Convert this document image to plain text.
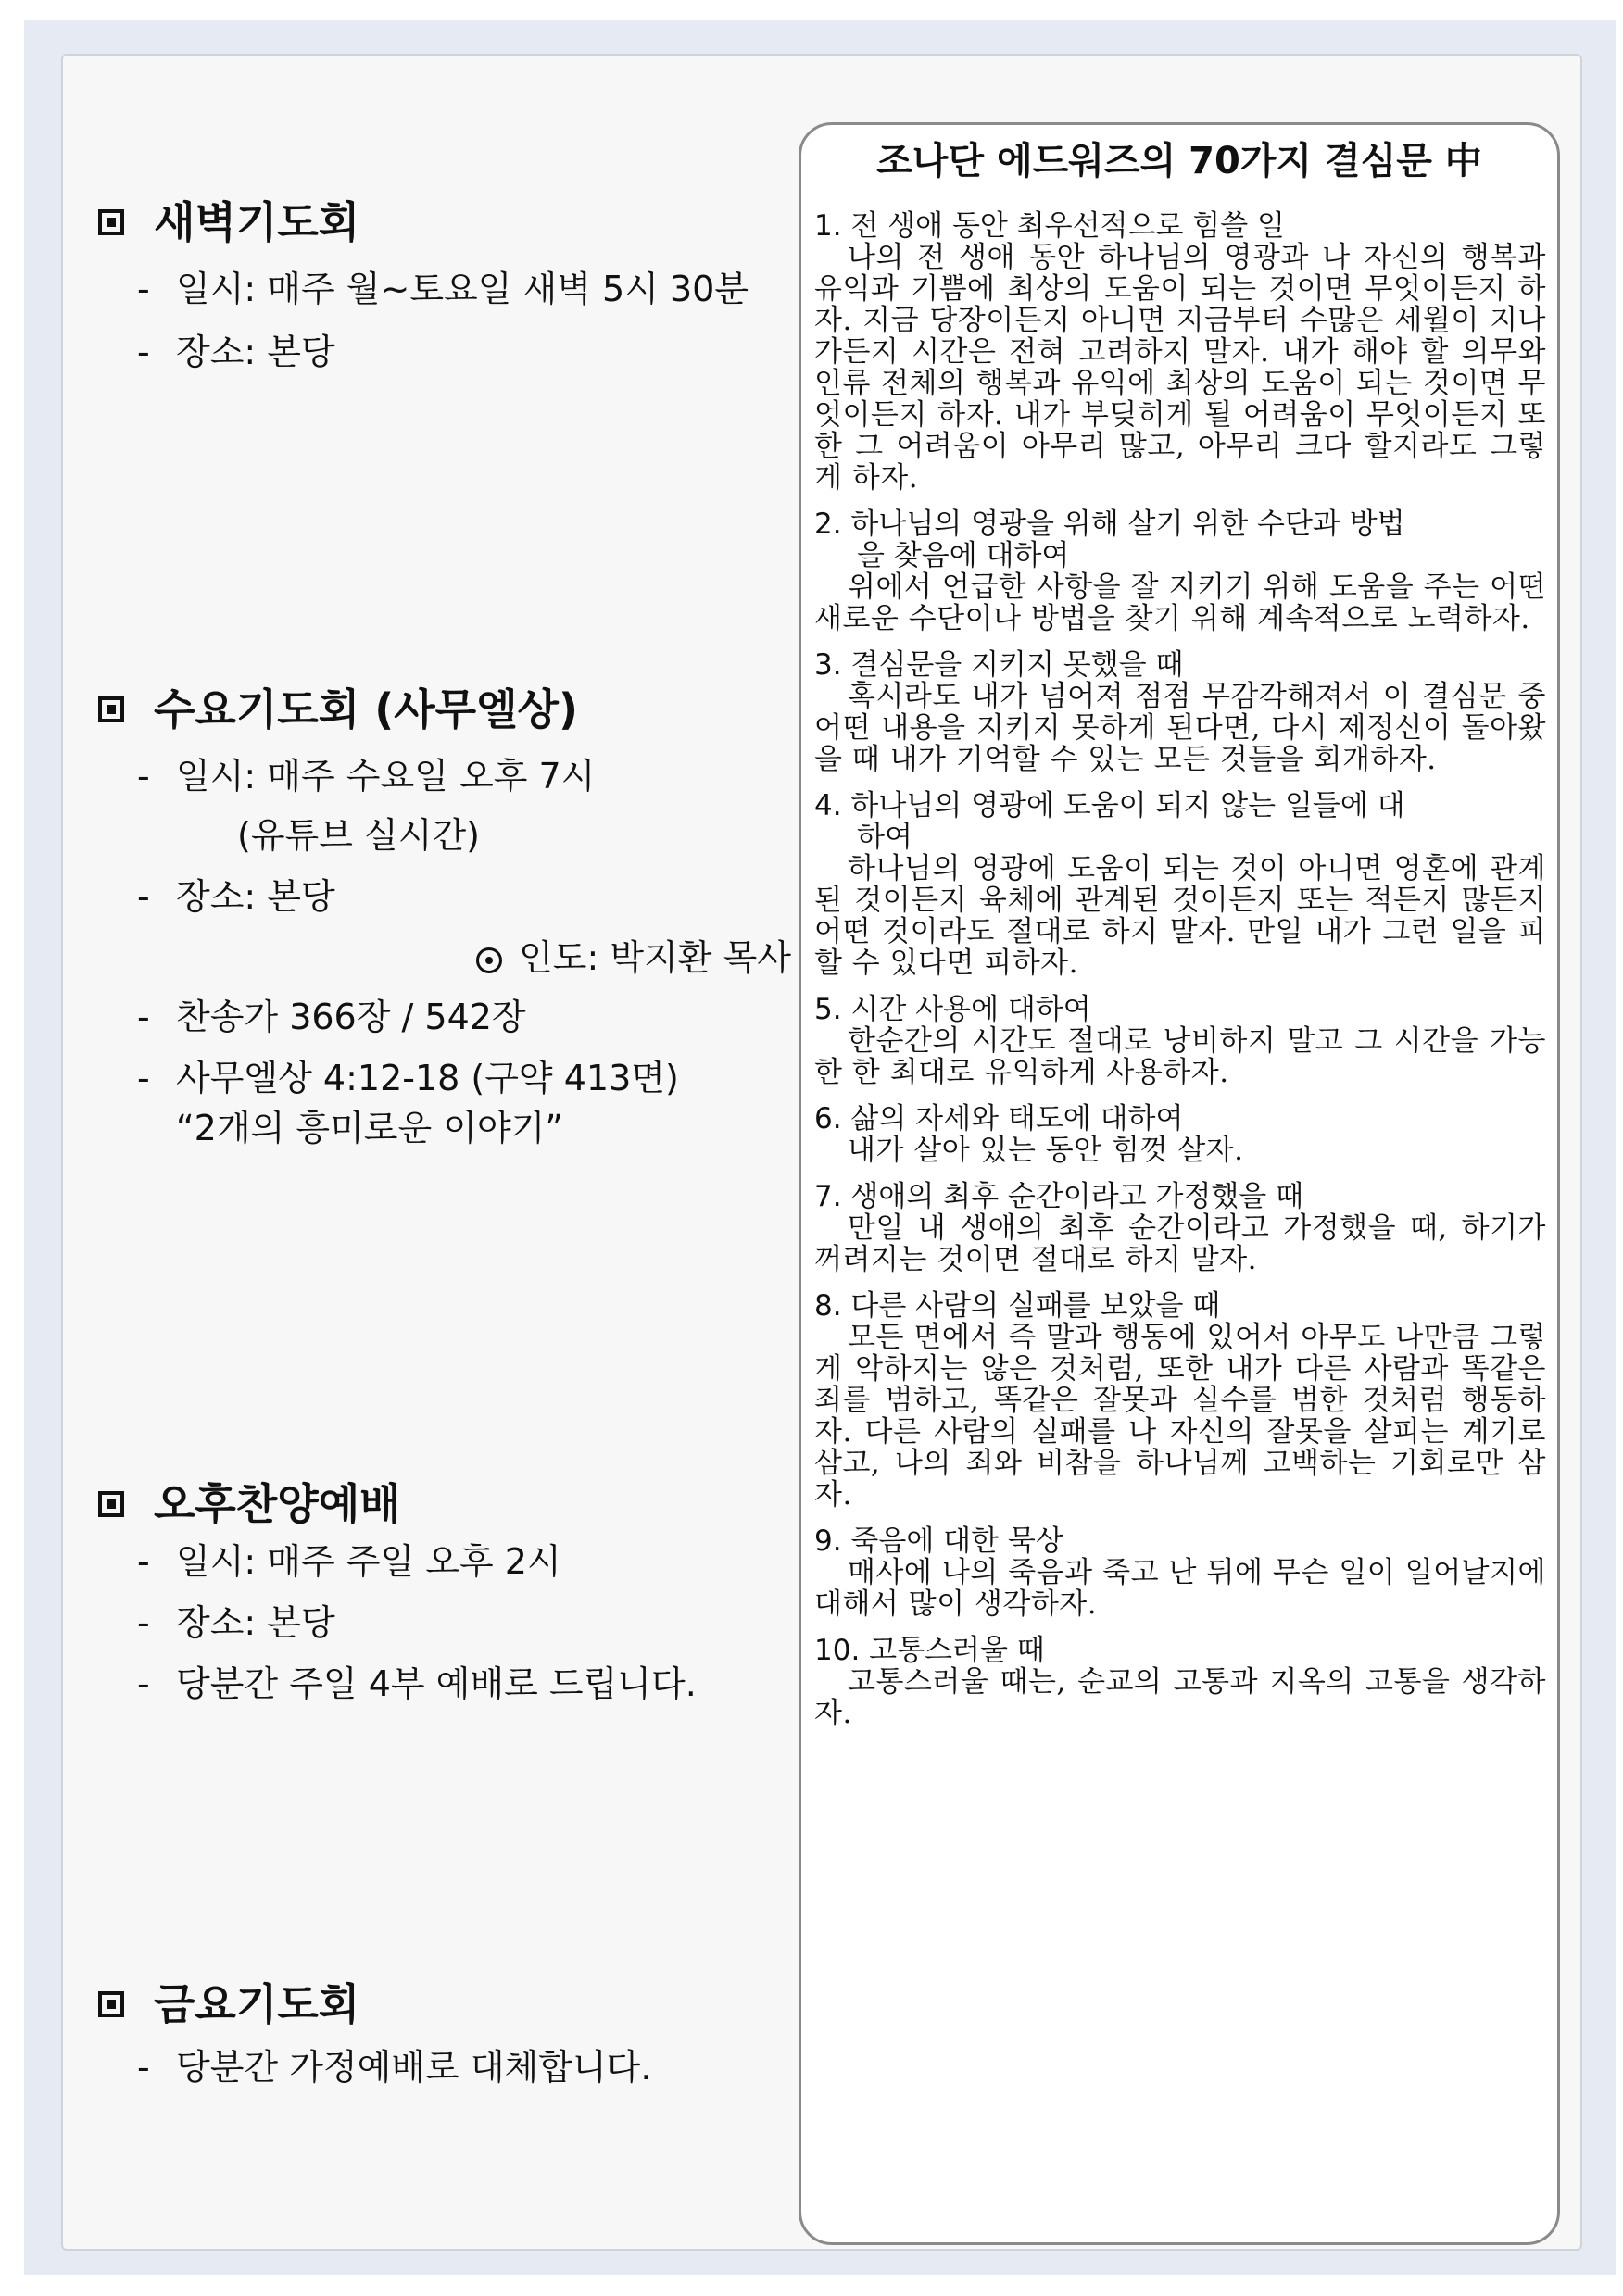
새벽기도회
- 일시: 매주 월~토요일 새벽 5시 30분
- 장소: 본당
수요기도회 (사무엘상)
- 일시: 매주 수요일 오후 7시
(유튜브 실시간)
- 장소: 본당
인도: 박지환 목사
- 찬송가 366장 / 542장
- 사무엘상 4:12-18 (구약 413면)
“2개의 흥미로운 이야기”
오후찬양예배
- 일시: 매주 주일 오후 2시
- 장소: 본당
- 당분간 주일 4부 예배로 드립니다.
금요기도회
- 당분간 가정예배로 대체합니다.
조나단 에드워즈의 70가지 결심문 中
1. 전 생애 동안 최우선적으로 힘쓸 일
나의 전 생애 동안 하나님의 영광과 나 자신의 행복과 유익과 기쁨에 최상의 도움이 되는 것이면 무엇이든지 하자. 지금 당장이든지 아니면 지금부터 수많은 세월이 지나가든지 시간은 전혀 고려하지 말자. 내가 해야 할 의무와 인류 전체의 행복과 유익에 최상의 도움이 되는 것이면 무엇이든지 하자. 내가 부딪히게 될 어려움이 무엇이든지 또한 그 어려움이 아무리 많고, 아무리 크다 할지라도 그렇게 하자.
2. 하나님의 영광을 위해 살기 위한 수단과 방법
을 찾음에 대하여
위에서 언급한 사항을 잘 지키기 위해 도움을 주는 어떤 새로운 수단이나 방법을 찾기 위해 계속적으로 노력하자.
3. 결심문을 지키지 못했을 때
혹시라도 내가 넘어져 점점 무감각해져서 이 결심문 중 어떤 내용을 지키지 못하게 된다면, 다시 제정신이 돌아왔을 때 내가 기억할 수 있는 모든 것들을 회개하자.
4. 하나님의 영광에 도움이 되지 않는 일들에 대
하여
하나님의 영광에 도움이 되는 것이 아니면 영혼에 관계된 것이든지 육체에 관계된 것이든지 또는 적든지 많든지 어떤 것이라도 절대로 하지 말자. 만일 내가 그런 일을 피할 수 있다면 피하자.
5. 시간 사용에 대하여
한순간의 시간도 절대로 낭비하지 말고 그 시간을 가능한 한 최대로 유익하게 사용하자.
6. 삶의 자세와 태도에 대하여
내가 살아 있는 동안 힘껏 살자.
7. 생애의 최후 순간이라고 가정했을 때
만일 내 생애의 최후 순간이라고 가정했을 때, 하기가 꺼려지는 것이면 절대로 하지 말자.
8. 다른 사람의 실패를 보았을 때
모든 면에서 즉 말과 행동에 있어서 아무도 나만큼 그렇게 악하지는 않은 것처럼, 또한 내가 다른 사람과 똑같은 죄를 범하고, 똑같은 잘못과 실수를 범한 것처럼 행동하자. 다른 사람의 실패를 나 자신의 잘못을 살피는 계기로 삼고, 나의 죄와 비참을 하나님께 고백하는 기회로만 삼자.
9. 죽음에 대한 묵상
매사에 나의 죽음과 죽고 난 뒤에 무슨 일이 일어날지에 대해서 많이 생각하자.
10. 고통스러울 때
고통스러울 때는, 순교의 고통과 지옥의 고통을 생각하자.
